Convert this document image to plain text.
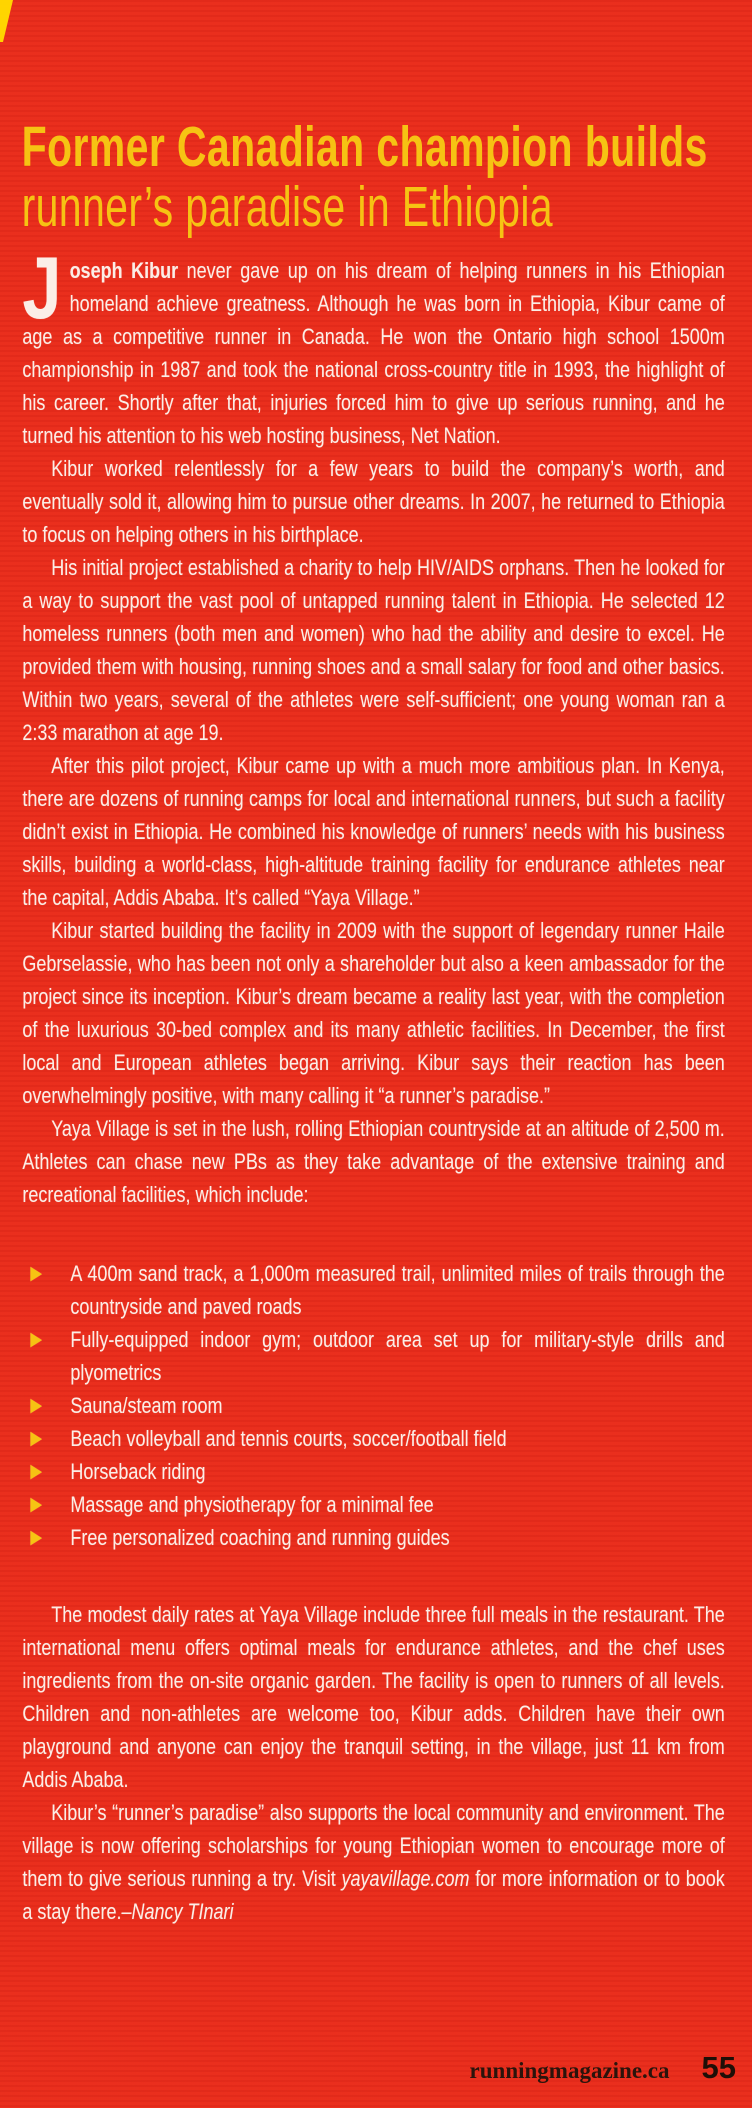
Former Canadian champion builds
runner’s paradise in Ethiopia

Joseph Kibur never gave up on his dream of helping runners in his Ethiopian homeland achieve greatness. Although he was born in Ethiopia, Kibur came of age as a competitive runner in Canada. He won the Ontario high school 1500m championship in 1987 and took the national cross-country title in 1993, the highlight of his career. Shortly after that, injuries forced him to give up serious running, and he turned his attention to his web hosting business, Net Nation.

Kibur worked relentlessly for a few years to build the company’s worth, and eventually sold it, allowing him to pursue other dreams. In 2007, he returned to Ethiopia to focus on helping others in his birthplace.

His initial project established a charity to help HIV/AIDS orphans. Then he looked for a way to support the vast pool of untapped running talent in Ethiopia. He selected 12 homeless runners (both men and women) who had the ability and desire to excel. He provided them with housing, running shoes and a small salary for food and other basics. Within two years, several of the athletes were self-sufficient; one young woman ran a 2:33 marathon at age 19.

After this pilot project, Kibur came up with a much more ambitious plan. In Kenya, there are dozens of running camps for local and international runners, but such a facility didn’t exist in Ethiopia. He combined his knowledge of runners’ needs with his business skills, building a world-class, high-altitude training facility for endurance athletes near the capital, Addis Ababa. It’s called “Yaya Village.”

Kibur started building the facility in 2009 with the support of legendary runner Haile Gebrselassie, who has been not only a shareholder but also a keen ambassador for the project since its inception. Kibur’s dream became a reality last year, with the completion of the luxurious 30-bed complex and its many athletic facilities. In December, the first local and European athletes began arriving. Kibur says their reaction has been overwhelmingly positive, with many calling it “a runner’s paradise.”

Yaya Village is set in the lush, rolling Ethiopian countryside at an altitude of 2,500 m. Athletes can chase new PBs as they take advantage of the extensive training and recreational facilities, which include:

▶	A 400m sand track, a 1,000m measured trail, unlimited miles of trails through the countryside and paved roads
▶	Fully-equipped indoor gym; outdoor area set up for military-style drills and plyometrics
▶	Sauna/steam room
▶	Beach volleyball and tennis courts, soccer/football field
▶	Horseback riding
▶	Massage and physiotherapy for a minimal fee
▶	Free personalized coaching and running guides

The modest daily rates at Yaya Village include three full meals in the restaurant. The international menu offers optimal meals for endurance athletes, and the chef uses ingredients from the on-site organic garden. The facility is open to runners of all levels. Children and non-athletes are welcome too, Kibur adds. Children have their own playground and anyone can enjoy the tranquil setting, in the village, just 11 km from Addis Ababa.

Kibur’s “runner’s paradise” also supports the local community and environment. The village is now offering scholarships for young Ethiopian women to encourage more of them to give serious running a try. Visit yayavillage.com for more information or to book a stay there.–Nancy TInari

runningmagazine.ca 55
